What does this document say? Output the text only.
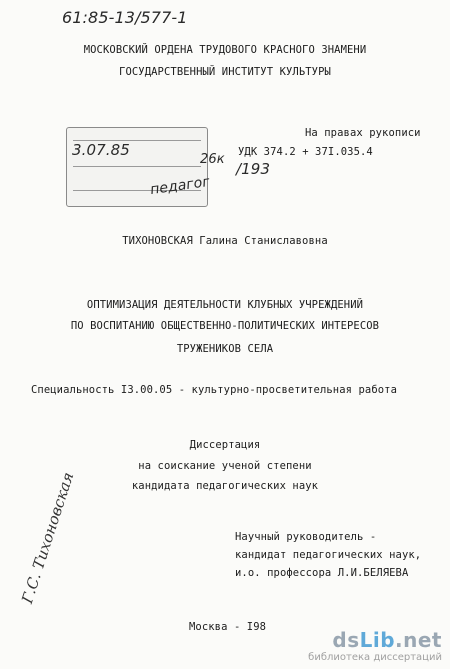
61:85-13/577-1
МОСКОВСКИЙ ОРДЕНА ТРУДОВОГО КРАСНОГО ЗНАМЕНИ
ГОСУДАРСТВЕННЫЙ ИНСТИТУТ КУЛЬТУРЫ
На правах рукописи
УДК 374.2 + 37I.035.4
3.07.85
26к
/193
педагог
ТИХОНОВСКАЯ Галина Станиславовна
ОПТИМИЗАЦИЯ ДЕЯТЕЛЬНОСТИ КЛУБНЫХ УЧРЕЖДЕНИЙ
ПО ВОСПИТАНИЮ ОБЩЕСТВЕННО-ПОЛИТИЧЕСКИХ ИНТЕРЕСОВ
ТРУЖЕНИКОВ СЕЛА
Специальность I3.00.05 - культурно-просветительная работа
Диссертация
на соискание ученой степени
кандидата педагогических наук
Г.С. Тихоновская	Научный руководитель -
кандидат педагогических наук,
и.о. профессора Л.И.БЕЛЯЕВА
Москва - I98
dsLib.net
библиотека диссертаций
